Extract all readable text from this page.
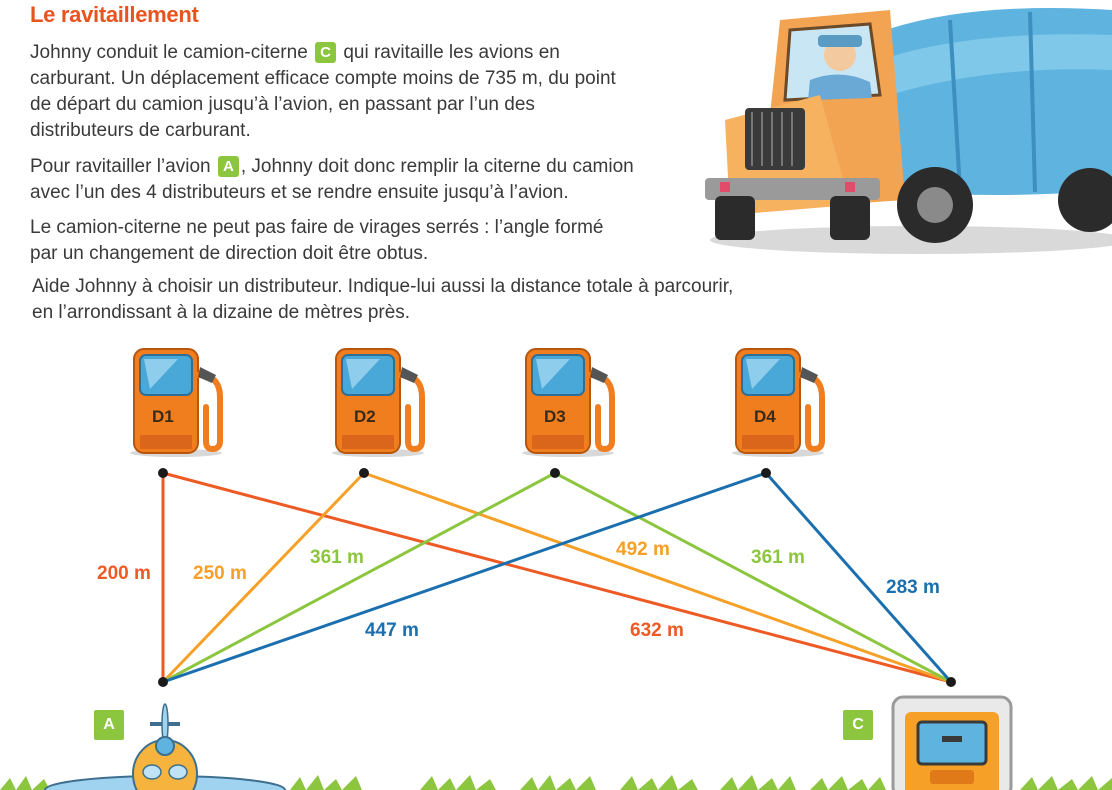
Le ravitaillement
Johnny conduit le camion-citerne C qui ravitaille les avions en
carburant. Un déplacement efficace compte moins de 735 m, du point
de départ du camion jusqu’à l’avion, en passant par l’un des
distributeurs de carburant.
Pour ravitailler l’avion A , Johnny doit donc remplir la citerne du camion
avec l’un des 4 distributeurs et se rendre ensuite jusqu’à l’avion.
Le camion-citerne ne peut pas faire de virages serrés : l’angle formé
par un changement de direction doit être obtus.
Aide Johnny à choisir un distributeur. Indique-lui aussi la distance totale à parcourir,
en l’arrondissant à la dizaine de mètres près.
D1	D2	D3	D4
200 m
632 m
250 m
492 m
361 m	361 m
447 m
283 m
A	C
